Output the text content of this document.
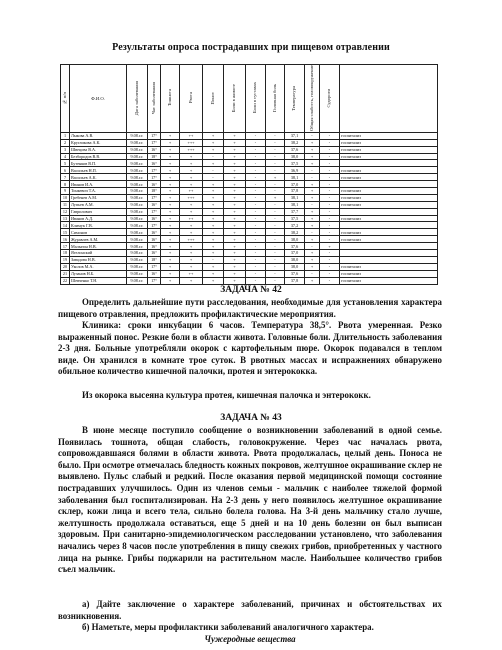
Результаты опроса пострадавших при пищевом отравлении
№ п/п	Ф.И.О.	Дата заболевания	Час заболевания	Тошнота	Рвота	Понос	Боли в животе	Боли в суставах	Головная боль	Температура	Общая слабость, головокружение	Судороги	
1	Лыкова А.В.	9.08.г.г.	17°	+	++	+	+	-	-	37,1	-	-	госпитализ
2	Кругликова А.К.	9.08.г.г.	17°	+	+++	+	+	-	-	38,2	+	-	госпитализ
3	Швецова В.А.	9.08.г.г.	16°	+	+++	+	+	-	-	37,6	+	-	госпитализ
4	Безбородов В.В.	9.08.г.г.	18°	+	+	-	+	-	-	38,0	+	-	госпитализ
5	Бутенков В.П.	9.08.г.г.	16°	+	+	+	+	-	-	37,5	+	-	
6	Васильев Н.П.	9.08.г.г.	17°	+	+	-	+	-	-	36,9	-	-	госпитализ
7	Васильев А.К.	9.08.г.г.	17°	+	+	-	+	-	+	38,1	-	-	госпитализ
8	Иванов И.А.	9.08.г.г.	16°	+	+	+	+	-	-	37,0	+	-	
9	Тонкевич Т.А.	9.08.г.г.	18°	+	++	+	+	-	-	37,8	+	-	госпитализ
10	Гребенев А.М.	9.08.г.г.	17°	+	+++	+	+	-	+	38,1	+	-	госпитализ
11	Лупьев А.М.	9.08.г.г.	16°	+	+	+	+	-	-	38,1	-	-	госпитализ
12	Гаврилович	9.08.г.г.	17°	+	+	+	+	-	-	37,7	+	-	
13	Иванов А.Д.	9.08.г.г.	16°	+	++	+	+	-	-	37,5	+	-	госпитализ
14	Климук Г.В.	9.08.г.г.	17°	+	+	+	+	-	-	37,2	+	-	
15	Симонов	9.08.г.г.	16°	+	+	+	+	-	-	38,2	-	-	госпитализ
16	Журавлев А.М.	9.08.г.г.	16°	+	+++	+	+	-	-	38,0	+	-	госпитализ
17	Малыгин Н.В.	9.08.г.г.	16°	+	+	+	+	-	-	37,6	-	+	
18	Ягелонский	9.08.г.г.	16°	+	+	+	+	-	-	37,0	+	-	
19	Завадова Н.В.	9.08.г.г.	18°	+	+	-	+	-	-	38,0	+	-	
20	Уколов М.А.	9.08.г.г.	17°	+	+	+	+	-	-	38,0	+	-	госпитализ
21	Лузанов Н.Б.	9.08.г.г.	16°	+	++	+	+	-	-	37,6	-	-	госпитализ
22	Шевченко Т.Н.	9.08.г.г.	17°	+	+	+	+	-	-	37,8	+	-	госпитализ
ЗАДАЧА № 42

Определить дальнейшие пути расследования, необходимые для установления характера пищевого отравления, предложить профилактические мероприятия.

Клиника: сроки инкубации 6 часов. Температура 38,5°. Рвота умеренная. Резко выраженный понос. Резкие боли в области живота. Головные боли. Длительность заболевания 2-3 дня. Больные употребляли окорок с картофельным пюре. Окорок подавался в теплом виде. Он хранился в комнате трое суток. В рвотных массах и испражнениях обнаружено обильное количество кишечной палочки, протея и энтерококка.

Из окорока высеяна культура протея, кишечная палочка и энтерококк.

ЗАДАЧА № 43

В июне месяце поступило сообщение о возникновении заболеваний в одной семье. Появилась тошнота, общая слабость, головокружение. Через час началась рвота, сопровождавшаяся болями в области живота. Рвота продолжалась, целый день. Поноса не было. При осмотре отмечалась бледность кожных покровов, желтушное окрашивание склер не выявлено. Пульс слабый и редкий. После оказания первой медицинской помощи состояние пострадавших улучшилось. Один из членов семьи - мальчик с наиболее тяжелой формой заболевания был госпитализирован. На 2-3 день у него появилось желтушное окрашивание склер, кожи лица и всего тела, сильно болела голова. На 3-й день мальчику стало лучше, желтушность продолжала оставаться, еще 5 дней и на 10 день болезни он был выписан здоровым. При санитарно-эпидемиологическом расследовании установлено, что заболевания начались через 8 часов после употребления в пищу свежих грибов, приобретенных у частного лица на рынке. Грибы поджарили на растительном масле. Наибольшее количество грибов съел мальчик.

а) Дайте заключение о характере заболеваний, причинах и обстоятельствах их возникновения.

б) Наметьте, меры профилактики заболеваний аналогичного характера.

Чужеродные вещества
